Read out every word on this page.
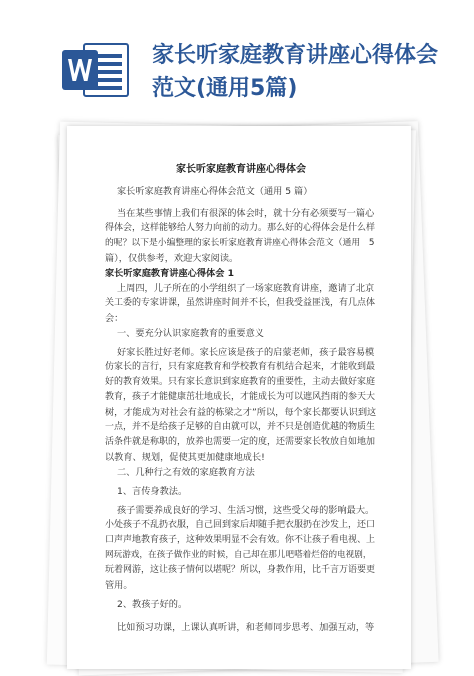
家长听家庭教育讲座心得体会
范文(通用5篇)
家长听家庭教育讲座心得体会
家长听家庭教育讲座心得体会范文（通用 5 篇）
当在某些事情上我们有很深的体会时，就十分有必须要写一篇心
得体会，这样能够给人努力向前的动力。那么好的心得体会是什么样
的呢？以下是小编整理的家长听家庭教育讲座心得体会范文（通用　5
篇），仅供参考，欢迎大家阅读。
家长听家庭教育讲座心得体会 1
上周四，儿子所在的小学组织了一场家庭教育讲座，邀请了北京
关工委的专家讲课，虽然讲座时间并不长，但我受益匪浅，有几点体
会：
一、要充分认识家庭教育的重要意义
好家长胜过好老师。家长应该是孩子的启蒙老师，孩子最容易模
仿家长的言行，只有家庭教育和学校教育有机结合起来，才能收到最
好的教育效果。只有家长意识到家庭教育的重要性，主动去做好家庭
教育，孩子才能健康茁壮地成长，才能成长为可以遮风挡雨的参天大
树，才能成为对社会有益的栋梁之才”所以，每个家长都要认识到这
一点，并不是给孩子足够的自由就可以，并不只是创造优越的物质生
活条件就是称职的，放养也需要一定的度，还需要家长牧放自如地加
以教育、规划，促使其更加健康地成长!
二、几种行之有效的家庭教育方法
1、言传身教法。
孩子需要养成良好的学习、生活习惯，这些受父母的影响最大。
小处孩子不乱扔衣服，自己回到家后却随手把衣服扔在沙发上，还口
口声声地教育孩子，这种效果明显不会有效。你不让孩子看电视、上
网玩游戏，在孩子做作业的时候，自己却在那儿吧嗒着烂俗的电视剧，
玩着网游，这让孩子情何以堪呢？所以，身教作用，比千言万语要更
管用。
2、教孩子好的。
比如预习功课，上课认真听讲，和老师同步思考、加强互动，等
